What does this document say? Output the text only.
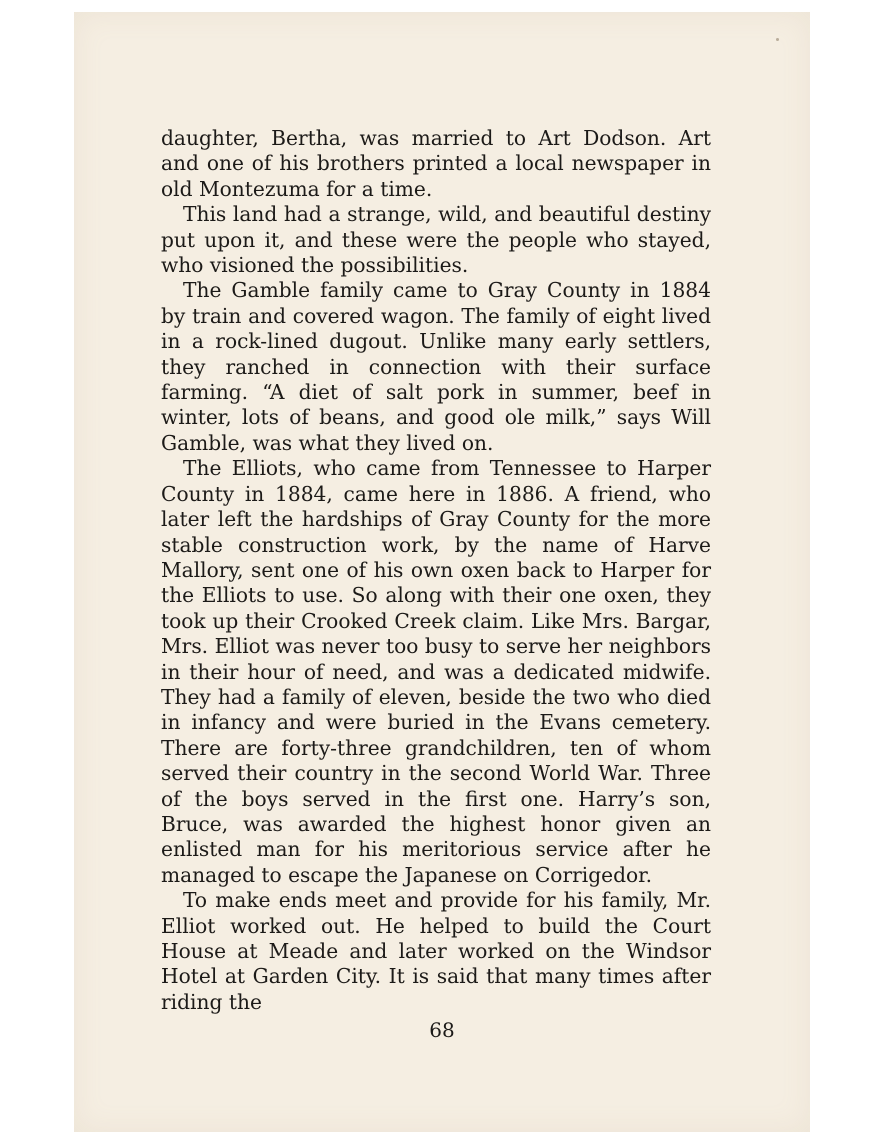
daughter, Bertha, was married to Art Dodson. Art and one of his brothers printed a local newspaper in old Montezuma for a time.

This land had a strange, wild, and beautiful destiny put upon it, and these were the people who stayed, who visioned the possibilities.

The Gamble family came to Gray County in 1884 by train and covered wagon. The family of eight lived in a rock-lined dugout. Unlike many early settlers, they ranched in connection with their surface farming. “A diet of salt pork in summer, beef in winter, lots of beans, and good ole milk,” says Will Gamble, was what they lived on.

The Elliots, who came from Tennessee to Harper County in 1884, came here in 1886. A friend, who later left the hardships of Gray County for the more stable construction work, by the name of Harve Mallory, sent one of his own oxen back to Harper for the Elliots to use. So along with their one oxen, they took up their Crooked Creek claim. Like Mrs. Bargar, Mrs. Elliot was never too busy to serve her neighbors in their hour of need, and was a dedicated midwife. They had a family of eleven, beside the two who died in infancy and were buried in the Evans cemetery. There are forty-three grandchildren, ten of whom served their country in the second World War. Three of the boys served in the first one. Harry’s son, Bruce, was awarded the highest honor given an enlisted man for his meritorious service after he managed to escape the Japanese on Corrigedor.

To make ends meet and provide for his family, Mr. Elliot worked out. He helped to build the Court House at Meade and later worked on the Windsor Hotel at Garden City. It is said that many times after riding the

68
